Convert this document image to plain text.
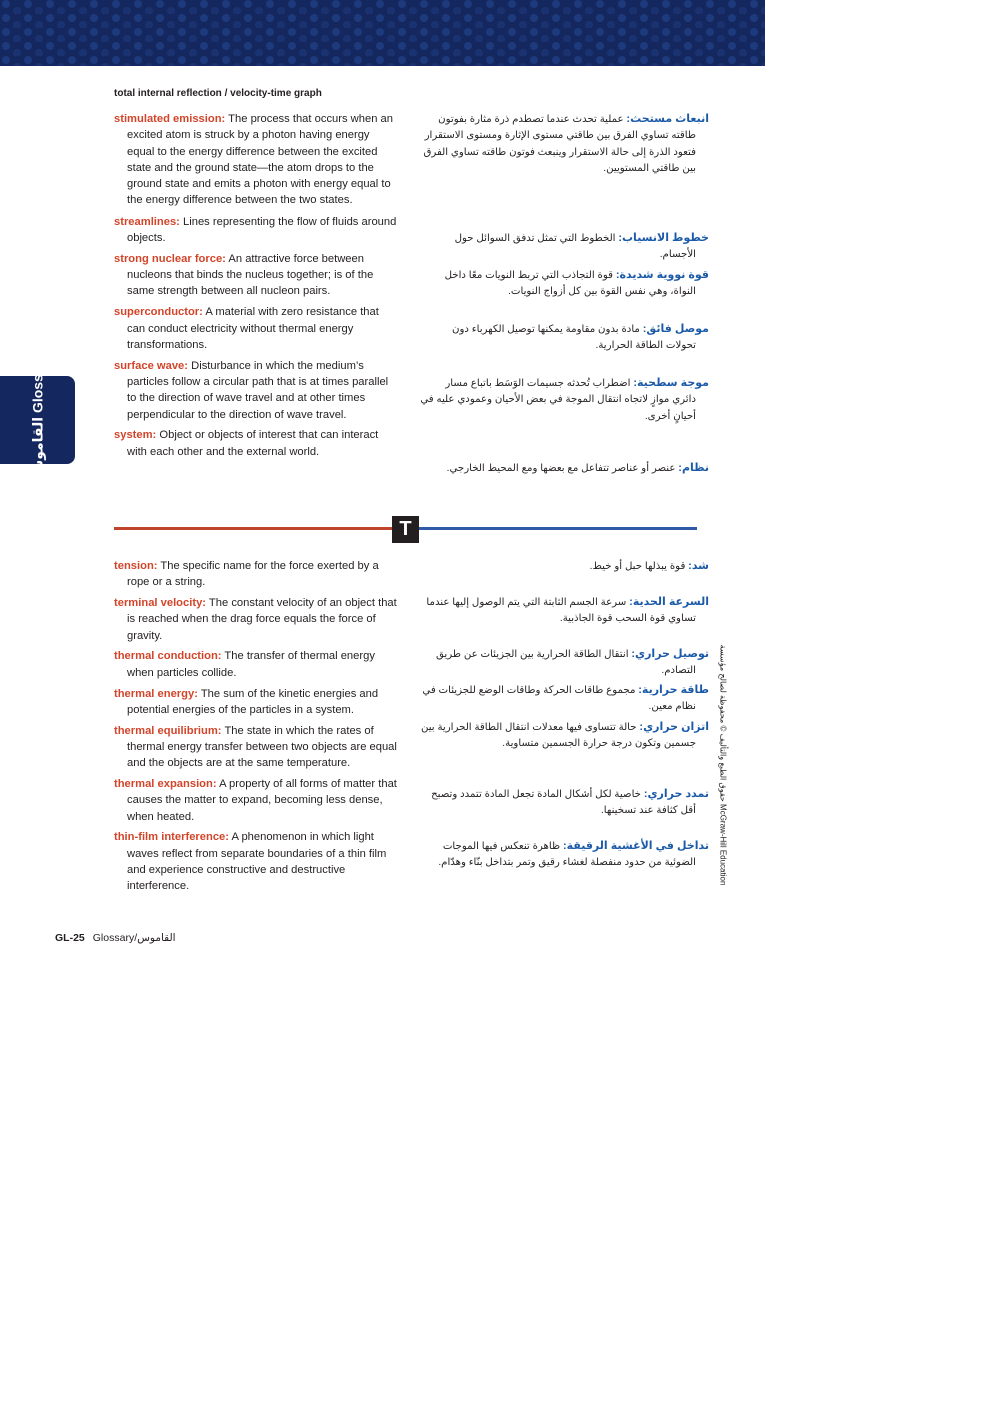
total internal reflection / velocity-time graph
/ القاموس Glossary

stimulated emission: The process that occurs when an excited atom is struck by a photon having energy equal to the energy difference between the excited state and the ground state—the atom drops to the ground state and emits a photon with energy equal to the energy difference between the two states.

streamlines: Lines representing the flow of fluids around objects.

strong nuclear force: An attractive force between nucleons that binds the nucleus together; is of the same strength between all nucleon pairs.

superconductor: A material with zero resistance that can conduct electricity without thermal energy transformations.

surface wave: Disturbance in which the medium’s particles follow a circular path that is at times parallel to the direction of wave travel and at other times perpendicular to the direction of wave travel.

system: Object or objects of interest that can interact with each other and the external world.

انبعاث مستحث: عملية تحدث عندما تصطدم ذرة مثارة بفوتون طاقته تساوي الفرق بين طاقتي مستوى الإثارة ومستوى الاستقرار فتعود الذرة إلى حالة الاستقرار وينبعث فوتون طاقته تساوي الفرق بين طاقتي المستويين.

خطوط الانسياب: الخطوط التي تمثل تدفق السوائل حول الأجسام.

قوة نووية شديدة: قوة التجاذب التي تربط النويات معًا داخل النواة، وهي نفس القوة بين كل أزواج النويات.

موصل فائق: مادة بدون مقاومة يمكنها توصيل الكهرباء دون تحولات الطاقة الحرارية.

موجة سطحية: اضطراب تُحدثه جسيمات الوَسَط باتباع مسار دائري موازٍ لاتجاه انتقال الموجة في بعض الأحيان وعمودي عليه في أحيانٍ أخرى.

نظام: عنصر أو عناصر تتفاعل مع بعضها ومع المحيط الخارجي.

T

tension: The specific name for the force exerted by a rope or a string.

terminal velocity: The constant velocity of an object that is reached when the drag force equals the force of gravity.

thermal conduction: The transfer of thermal energy when particles collide.

thermal energy: The sum of the kinetic energies and potential energies of the particles in a system.

thermal equilibrium: The state in which the rates of thermal energy transfer between two objects are equal and the objects are at the same temperature.

thermal expansion: A property of all forms of matter that causes the matter to expand, becoming less dense, when heated.

thin-film interference: A phenomenon in which light waves reflect from separate boundaries of a thin film and experience constructive and destructive interference.

شد: قوة يبذلها حبل أو خيط.

السرعة الحدية: سرعة الجسم الثابتة التي يتم الوصول إليها عندما تساوي قوة السحب قوة الجاذبية.

توصيل حراري: انتقال الطاقة الحرارية بين الجزيئات عن طريق التصادم.

طاقة حرارية: مجموع طاقات الحركة وطاقات الوضع للجزيئات في نظام معين.

اتزان حراري: حالة تتساوى فيها معدلات انتقال الطاقة الحرارية بين جسمين وتكون درجة حرارة الجسمين متساوية.

تمدد حراري: خاصية لكل أشكال المادة تجعل المادة تتمدد وتصبح أقل كثافة عند تسخينها.

تداخل في الأغشية الرقيقة: ظاهرة تنعكس فيها الموجات الضوئية من حدود منفصلة لغشاء رقيق وتمر بتداخل بنّاء وهدّام.

حقوق الطبع والتأليف © محفوظة لصالح مؤسسة McGraw-Hill Education
GL-25 Glossary/القاموس
